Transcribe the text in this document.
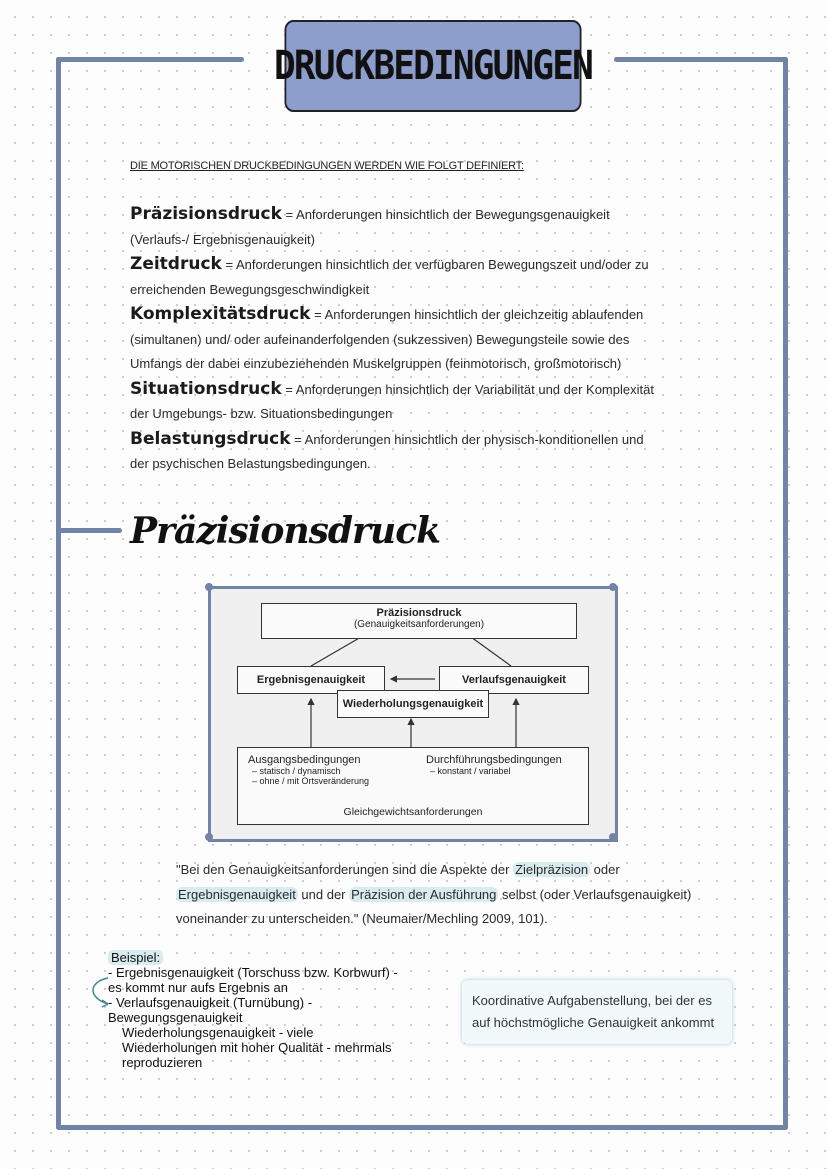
DRUCKBEDINGUNGEN
DIE MOTORISCHEN DRUCKBEDINGUNGEN WERDEN WIE FOLGT DEFINIERT:
Präzisionsdruck = Anforderungen hinsichtlich der Bewegungsgenauigkeit (Verlaufs-/ Ergebnisgenauigkeit)
Zeitdruck = Anforderungen hinsichtlich der verfügbaren Bewegungszeit und/oder zu erreichenden Bewegungsgeschwindigkeit
Komplexitätsdruck = Anforderungen hinsichtlich der gleichzeitig ablaufenden (simultanen) und/ oder aufeinanderfolgenden (sukzessiven) Bewegungsteile sowie des Umfangs der dabei einzubeziehenden Muskelgruppen (feinmotorisch, großmotorisch)
Situationsdruck = Anforderungen hinsichtlich der Variabilität und der Komplexität der Umgebungs- bzw. Situationsbedingungen
Belastungsdruck = Anforderungen hinsichtlich der physisch-konditionellen und der psychischen Belastungsbedingungen.
Präzisionsdruck
Präzisionsdruck
(Genauigkeitsanforderungen)
Ergebnisgenauigkeit	Verlaufsgenauigkeit
Wiederholungsgenauigkeit
Ausgangsbedingungen
– statisch / dynamisch
– ohne / mit Ortsveränderung
Durchführungsbedingungen
– konstant / variabel
Gleichgewichtsanforderungen
"Bei den Genauigkeitsanforderungen sind die Aspekte der Zielpräzision oder Ergebnisgenauigkeit und der Präzision der Ausführung selbst (oder Verlaufsgenauigkeit) voneinander zu unterscheiden." (Neumaier/Mechling 2009, 101).
Beispiel:
- Ergebnisgenauigkeit (Torschuss bzw. Korbwurf) - es kommt nur aufs Ergebnis an
- Verlaufsgenauigkeit (Turnübung) - Bewegungsgenauigkeit
Wiederholungsgenauigkeit - viele Wiederholungen mit hoher Qualität - mehrmals reproduzieren
Koordinative Aufgabenstellung, bei der es auf höchstmögliche Genauigkeit ankommt
